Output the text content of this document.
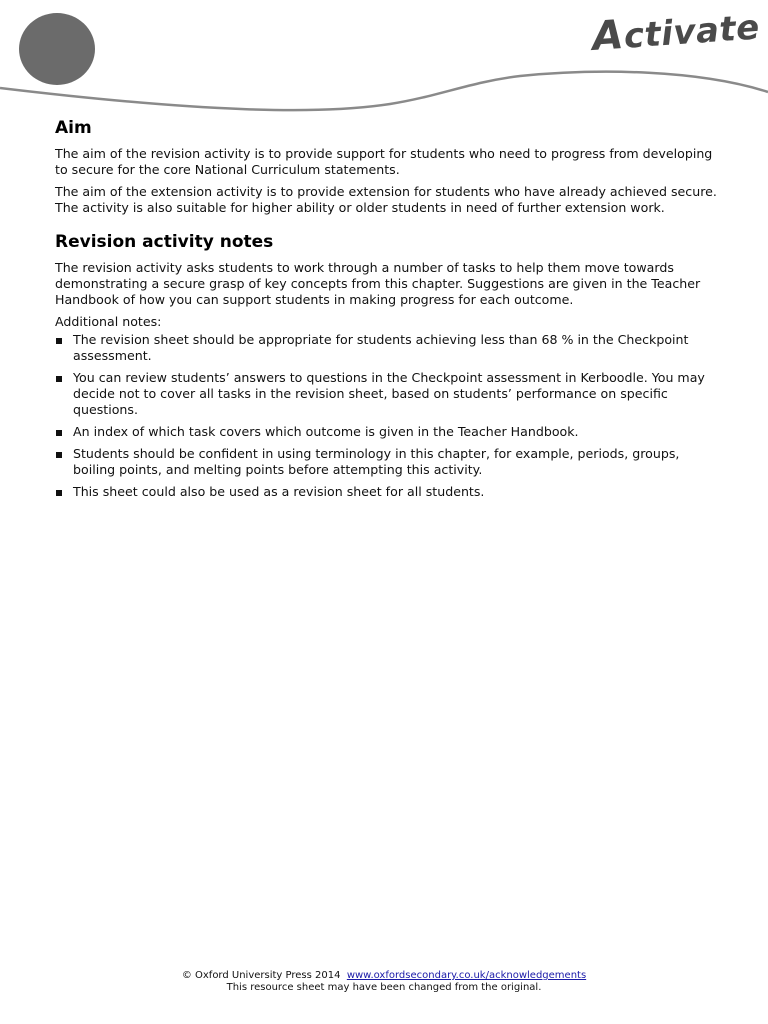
Activate
Aim

The aim of the revision activity is to provide support for students who need to progress from developing to secure for the core National Curriculum statements.

The aim of the extension activity is to provide extension for students who have already achieved secure. The activity is also suitable for higher ability or older students in need of further extension work.

Revision activity notes

The revision activity asks students to work through a number of tasks to help them move towards demonstrating a secure grasp of key concepts from this chapter. Suggestions are given in the Teacher Handbook of how you can support students in making progress for each outcome.

Additional notes:

The revision sheet should be appropriate for students achieving less than 68 % in the Checkpoint assessment.
You can review students’ answers to questions in the Checkpoint assessment in Kerboodle. You may decide not to cover all tasks in the revision sheet, based on students’ performance on specific questions.
An index of which task covers which outcome is given in the Teacher Handbook.
Students should be confident in using terminology in this chapter, for example, periods, groups, boiling points, and melting points before attempting this activity.
This sheet could also be used as a revision sheet for all students.
© Oxford University Press 2014 www.oxfordsecondary.co.uk/acknowledgements
This resource sheet may have been changed from the original.
